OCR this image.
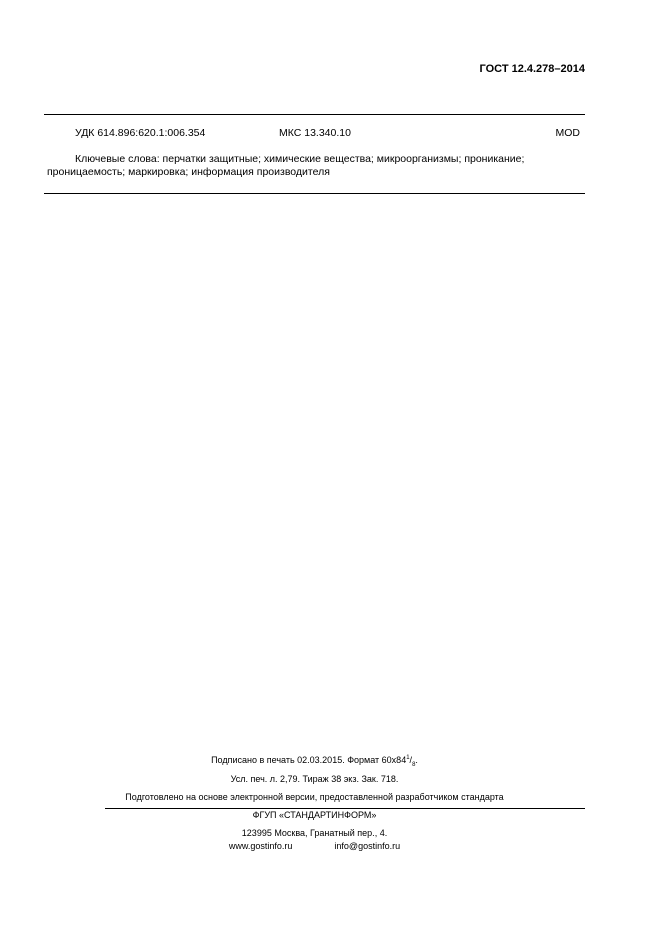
ГОСТ 12.4.278–2014
УДК 614.896:620.1:006.354	МКС 13.340.10	MOD
Ключевые слова: перчатки защитные; химические вещества; микроорганизмы; проникание;
проницаемость; маркировка; информация производителя
Подписано в печать 02.03.2015. Формат $60x84^1/_8$.
Усл. печ. л. 2,79. Тираж 38 экз. Зак. 718.
Подготовлено на основе электронной версии, предоставленной разработчиком стандарта
ФГУП «СТАНДАРТИНФОРМ»
123995 Москва, Гранатный пер., 4.
www.gostinfo.ru	info@gostinfo.ru
